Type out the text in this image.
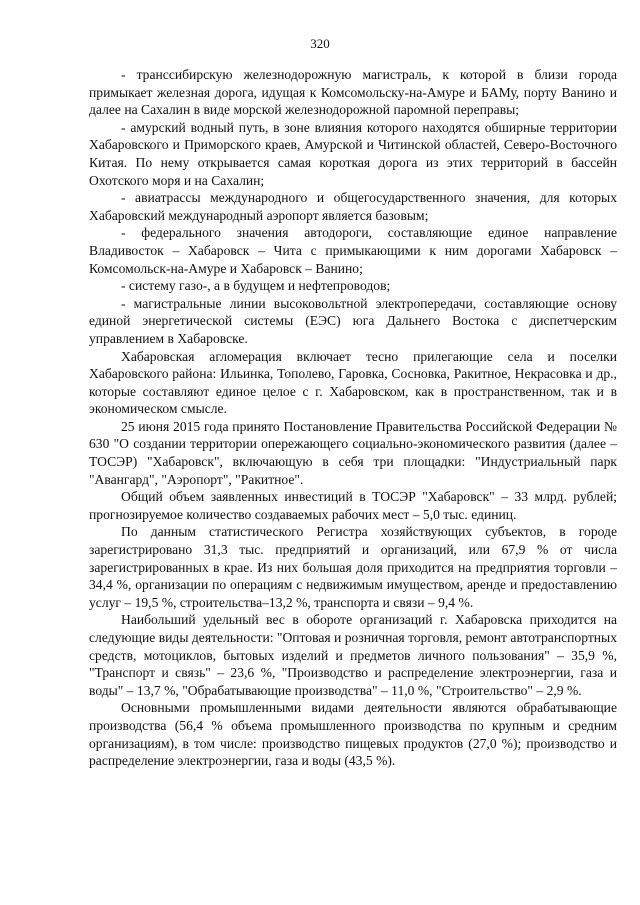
320

- транссибирскую железнодорожную магистраль, к которой в близи города примыкает железная дорога, идущая к Комсомольску-на-Амуре и БАМу, порту Ванино и далее на Сахалин в виде морской железнодорожной паромной переправы;

- амурский водный путь, в зоне влияния которого находятся обширные территории Хабаровского и Приморского краев, Амурской и Читинской областей, Северо-Восточного Китая. По нему открывается самая короткая дорога из этих территорий в бассейн Охотского моря и на Сахалин;

- авиатрассы международного и общегосударственного значения, для которых Хабаровский международный аэропорт является базовым;

- федерального значения автодороги, составляющие единое направление Владивосток – Хабаровск – Чита с примыкающими к ним дорогами Хабаровск – Комсомольск-на-Амуре и Хабаровск – Ванино;

- систему газо-, а в будущем и нефтепроводов;

- магистральные линии высоковольтной электропередачи, составляющие основу единой энергетической системы (ЕЭС) юга Дальнего Востока с диспетчерским управлением в Хабаровске.

Хабаровская агломерация включает тесно прилегающие села и поселки Хабаровского района: Ильинка, Тополево, Гаровка, Сосновка, Ракитное, Некрасовка и др., которые составляют единое целое с г. Хабаровском, как в пространственном, так и в экономическом смысле.

25 июня 2015 года принято Постановление Правительства Российской Федерации № 630 "О создании территории опережающего социально-экономического развития (далее – ТОСЭР) "Хабаровск", включающую в себя три площадки: "Индустриальный парк "Авангард", "Аэропорт", "Ракитное".

Общий объем заявленных инвестиций в ТОСЭР "Хабаровск" – 33 млрд. рублей; прогнозируемое количество создаваемых рабочих мест – 5,0 тыс. единиц.

По данным статистического Регистра хозяйствующих субъектов, в городе зарегистрировано 31,3 тыс. предприятий и организаций, или 67,9 % от числа зарегистрированных в крае. Из них большая доля приходится на предприятия торговли – 34,4 %, организации по операциям с недвижимым имуществом, аренде и предоставлению услуг – 19,5 %, строительства–13,2 %, транспорта и связи – 9,4 %.

Наибольший удельный вес в обороте организаций г. Хабаровска приходится на следующие виды деятельности: "Оптовая и розничная торговля, ремонт автотранспортных средств, мотоциклов, бытовых изделий и предметов личного пользования" – 35,9 %, "Транспорт и связь" – 23,6 %, "Производство и распределение электроэнергии, газа и воды" – 13,7 %, "Обрабатывающие производства" – 11,0 %, "Строительство" – 2,9 %.

Основными промышленными видами деятельности являются обрабатывающие производства (56,4 % объема промышленного производства по крупным и средним организациям), в том числе: производство пищевых продуктов (27,0 %); производство и распределение электроэнергии, газа и воды (43,5 %).
